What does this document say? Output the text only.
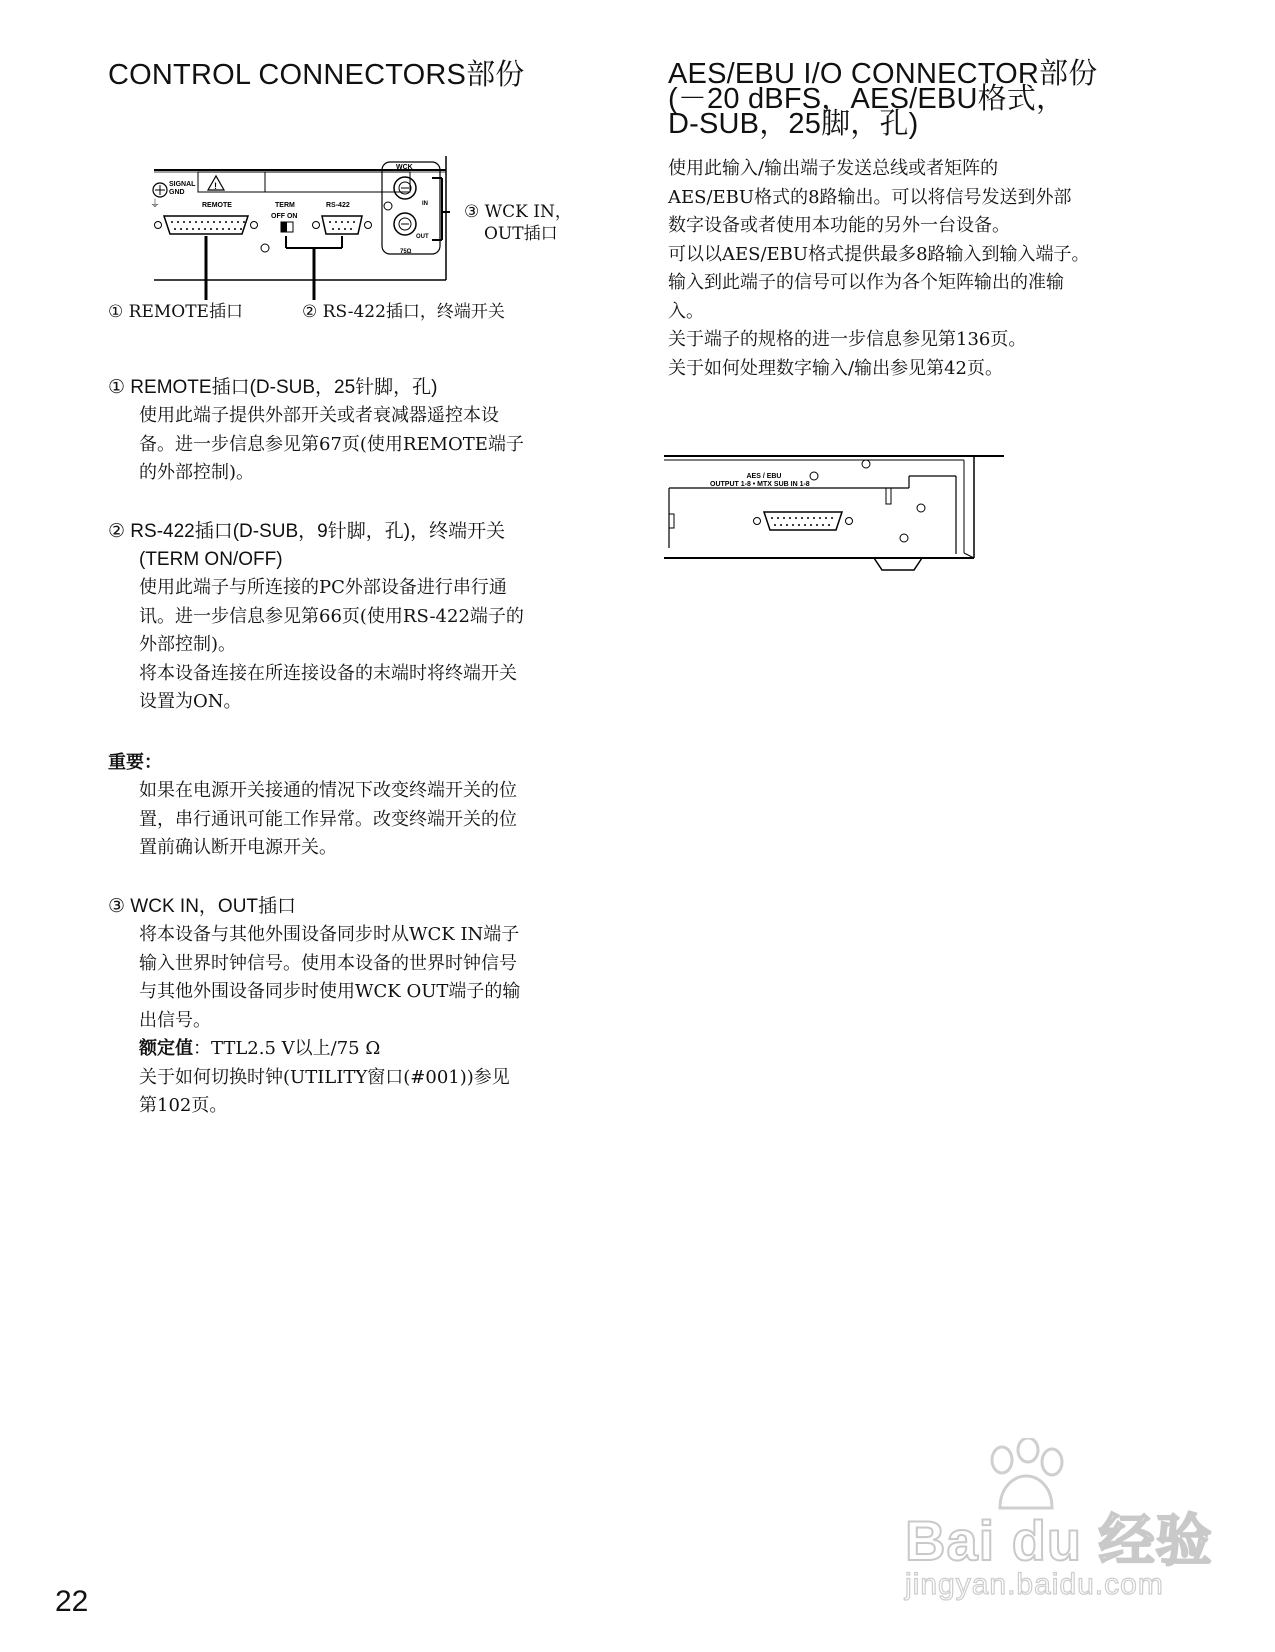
CONTROL CONNECTORS部份
!
SIGNAL
GND
⏚	REMOTE	TERM
OFF ON
RS-422
WCK
IN
OUT
75Ω
③ WCK IN，
OUT插口
① REMOTE插口	② RS-422插口，终端开关

① REMOTE插口(D-SUB，25针脚，孔)

使用此端子提供外部开关或者衰减器遥控本设

备。进一步信息参见第67页(使用REMOTE端子

的外部控制)。

② RS-422插口(D-SUB，9针脚，孔)，终端开关

(TERM ON/OFF)

使用此端子与所连接的PC外部设备进行串行通

讯。进一步信息参见第66页(使用RS-422端子的

外部控制)。

将本设备连接在所连接设备的末端时将终端开关

设置为ON。

重要：

如果在电源开关接通的情况下改变终端开关的位

置，串行通讯可能工作异常。改变终端开关的位

置前确认断开电源开关。

③ WCK IN，OUT插口

将本设备与其他外围设备同步时从WCK IN端子

输入世界时钟信号。使用本设备的世界时钟信号

与其他外围设备同步时使用WCK OUT端子的输

出信号。

额定值：TTL2.5 V以上/75 Ω

关于如何切换时钟(UTILITY窗口(#001))参见

第102页。

AES/EBU I/O CONNECTOR部份
(－20 dBFS，AES/EBU格式，
D-SUB，25脚，孔)

使用此输入/输出端子发送总线或者矩阵的

AES/EBU格式的8路输出。可以将信号发送到外部

数字设备或者使用本功能的另外一台设备。

可以以AES/EBU格式提供最多8路输入到输入端子。

输入到此端子的信号可以作为各个矩阵输出的准输

入。

关于端子的规格的进一步信息参见第136页。

关于如何处理数字输入/输出参见第42页。

AES / EBU
OUTPUT 1-8 • MTX SUB IN 1-8
22
Bai du 经验
jingyan.baidu.com
